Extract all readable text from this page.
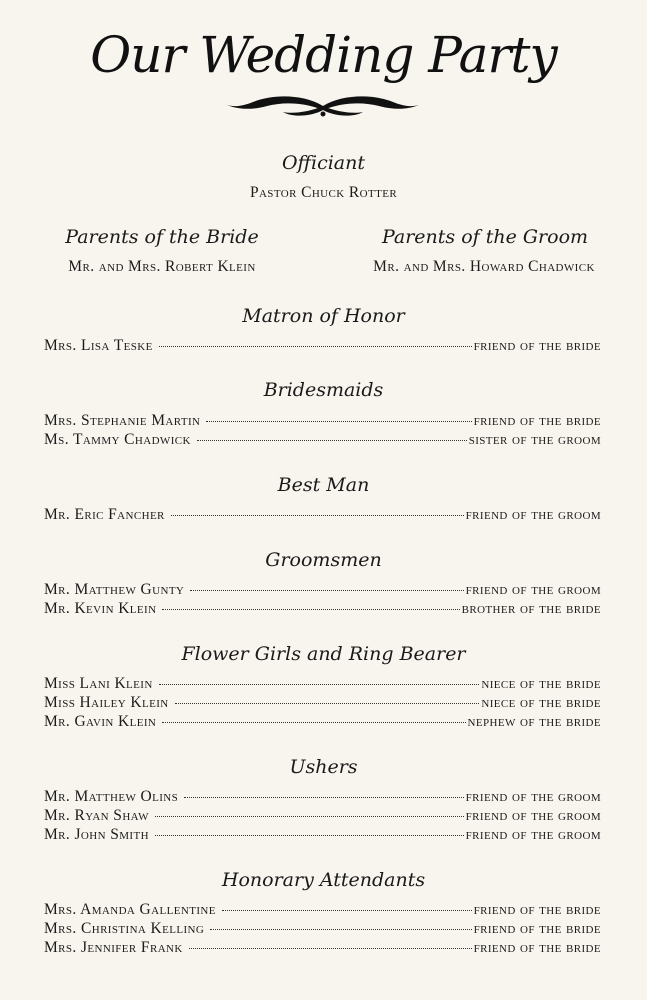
Our Wedding Party
Officiant
Pastor Chuck Rotter
Parents of the Bride
Mr. and Mrs. Robert Klein
Parents of the Groom
Mr. and Mrs. Howard Chadwick
Matron of Honor
Mrs. Lisa Teske	friend of the bride
Bridesmaids
Mrs. Stephanie Martin	friend of the bride
Ms. Tammy Chadwick	sister of the groom
Best Man
Mr. Eric Fancher	friend of the groom
Groomsmen
Mr. Matthew Gunty	friend of the groom
Mr. Kevin Klein	brother of the bride
Flower Girls and Ring Bearer
Miss Lani Klein	niece of the bride
Miss Hailey Klein	niece of the bride
Mr. Gavin Klein	nephew of the bride
Ushers
Mr. Matthew Olins	friend of the groom
Mr. Ryan Shaw	friend of the groom
Mr. John Smith	friend of the groom
Honorary Attendants
Mrs. Amanda Gallentine	friend of the bride
Mrs. Christina Kelling	friend of the bride
Mrs. Jennifer Frank	friend of the bride
